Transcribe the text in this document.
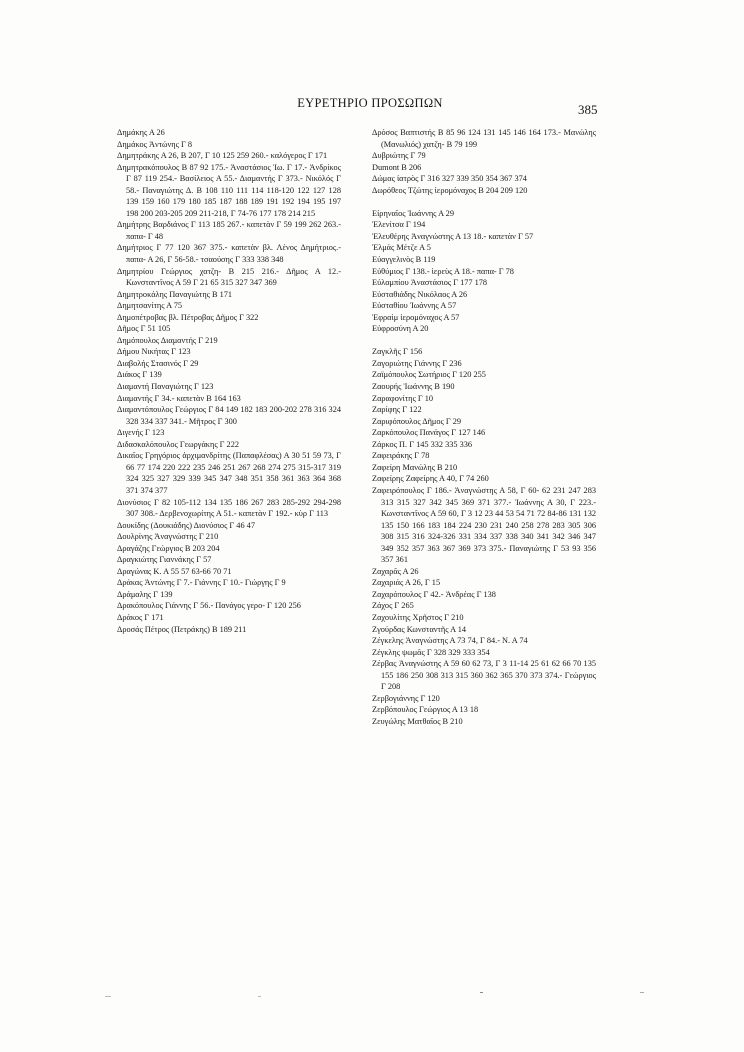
ΕΥΡΕΤΗΡΙΟ ΠΡΟΣΩΠΩΝ	385
Δημάκης Α 26
Δημάκος Ἀντώνης Γ 8
Δημητράκης Α 26, Β 207, Γ 10 125 259 260.- καλόγερος Γ 171
Δημητρακόπουλος Β 87 92 175.- Ἀναστάσιος Ἰω. Γ 17.- Ἀνδρίκος Γ 87 119 254.- Βασίλειος Α 55.- Διαμαντής Γ 373.- Νικόλός Γ 58.- Παναγιώτης Δ. Β 108 110 111 114 118-120 122 127 128 139 159 160 179 180 185 187 188 189 191 192 194 195 197 198 200 203-205 209 211-218, Γ 74-76 177 178 214 215
Δημήτρης Βαρδιάνος Γ 113 185 267.- καπετὰν Γ 59 199 262 263.- παπα- Γ 48
Δημήτριος Γ 77 120 367 375.- καπετὰν βλ. Λένος Δημήτριος.- παπα- Α 26, Γ 56-58.- τσαούσης Γ 333 338 348
Δημητρίου Γεώργιος χατζη- Β 215 216.- Δῆμος Α 12.- Κωνσταντῖνος Α 59 Γ 21 65 315 327 347 369
Δημητροκάλης Παναγιώτης Β 171
Δημητσανίτης Α 75
Δημοπέτροβας βλ. Πέτροβας Δῆμος Γ 322
Δῆμος Γ 51 105
Δημόπουλος Διαμαντής Γ 219
Δήμου Νικήτας Γ 123
Διαβολής Στασινός Γ 29
Διάκος Γ 139
Διαμαντή Παναγιώτης Γ 123
Διαμαντής Γ 34.- καπετὰν Β 164 163
Διαμαντόπουλος Γεώργιος Γ 84 149 182 183 200-202 278 316 324 328 334 337 341.- Μῆτρος Γ 300
Διγενής Γ 123
Διδασκαλόπουλος Γεωργάκης Γ 222
Δικαῖος Γρηγόριος ἀρχιμανδρίτης (Παπαφλέσας) Α 30 51 59 73, Γ 66 77 174 220 222 235 246 251 267 268 274 275 315-317 319 324 325 327 329 339 345 347 348 351 358 361 363 364 368 371 374 377
Διονύσιος Γ 82 105-112 134 135 186 267 283 285-292 294-298 307 308.- Δερβενοχωρίτης Α 51.- καπετὰν Γ 192.- κὺρ Γ 113
Δουκίδης (Δουκιάδης) Διονύσιος Γ 46 47
Δουλρίνης Ἀναγνώστης Γ 210
Δραγάζης Γεώργιος Β 203 204
Δραγκιώτης Γιαννάκης Γ 57
Δραγώνας Κ. Α 55 57 63-66 70 71
Δράκας Ἀντώνης Γ 7.- Γιάννης Γ 10.- Γιώργης Γ 9
Δράμαλης Γ 139
Δρακόπουλος Γιάννης Γ 56.- Πανάγος γερο- Γ 120 256
Δράκος Γ 171
Δροσάς Πέτρος (Πετράκης) Β 189 211
Δρόσος Βαπτιστής Β 85 96 124 131 145 146 164 173.- Μανώλης (Μανωλιός) χατζη- Β 79 199
Δυβριώτης Γ 79
Dumont Β 206
Δώμας ἰατρὸς Γ 316 327 339 350 354 367 374
Δωρόθεος Τζώτης ἱερομόναχος Β 204 209 120
Εἰρηναῖος Ἰωάννης Α 29
Ἑλενίτσα Γ 194
Ἐλευθέρης Ἀναγνώστης Α 13 18.- καπετὰν Γ 57
Ἐλμάς Μέτζε Α 5
Εὐαγγελινὸς Β 119
Εὐθύμιος Γ 138.- ἱερεὺς Α 18.- παπα- Γ 78
Εὐλαμπίου Ἀναστάσιος Γ 177 178
Εὐσταθιάδης Νικόλαος Α 26
Εὐσταθίου Ἰωάννης Α 57
Ἐφραὶμ ἱερομόναχος Α 57
Εὐφροσύνη Α 20
Ζαγκλῆς Γ 156
Ζαγοριώτης Γιάννης Γ 236
Ζαϊμόπουλος Σωτήριος Γ 120 255
Ζαουρής Ἰωάννης Β 190
Ζαραφονίτης Γ 10
Ζαρίφης Γ 122
Ζαριφόπουλος Δῆμος Γ 29
Ζαρκόπουλος Πανάγος Γ 127 146
Ζάρκος Π. Γ 145 332 335 336
Ζαφειράκης Γ 78
Ζαφείρη Μανώλης Β 210
Ζαφείρης Ζαφείρης Α 40, Γ 74 260
Ζαφειρόπουλος Γ 186.- Ἀναγνώστης Α 58, Γ 60- 62 231 247 283 313 315 327 342 345 369 371 377.- Ἰωάννης Α 30, Γ 223.- Κωνσταντῖνος Α 59 60, Γ 3 12 23 44 53 54 71 72 84-86 131 132 135 150 166 183 184 224 230 231 240 258 278 283 305 306 308 315 316 324-326 331 334 337 338 340 341 342 346 347 349 352 357 363 367 369 373 375.- Παναγιώτης Γ 53 93 356 357 361
Ζαχαρᾶς Α 26
Ζαχαριάς Α 26, Γ 15
Ζαχαρόπουλος Γ 42.- Ἀνδρέας Γ 138
Ζάχος Γ 265
Ζαχουλίτης Χρῆστος Γ 210
Ζγούρδας Κωνσταντῆς Α 14
Ζέγκελης Ἀναγνώστης Α 73 74, Γ 84.- Ν. Α 74
Ζέγκλης ψωμᾶς Γ 328 329 333 354
Ζέρβας Ἀναγνώστης Α 59 60 62 73, Γ 3 11-14 25 61 62 66 70 135 155 186 250 308 313 315 360 362 365 370 373 374.- Γεώργιος Γ 208
Ζερβογιάννης Γ 120
Ζερβόπουλος Γεώργιος Α 13 18
Ζευγώλης Ματθαῖος Β 210
